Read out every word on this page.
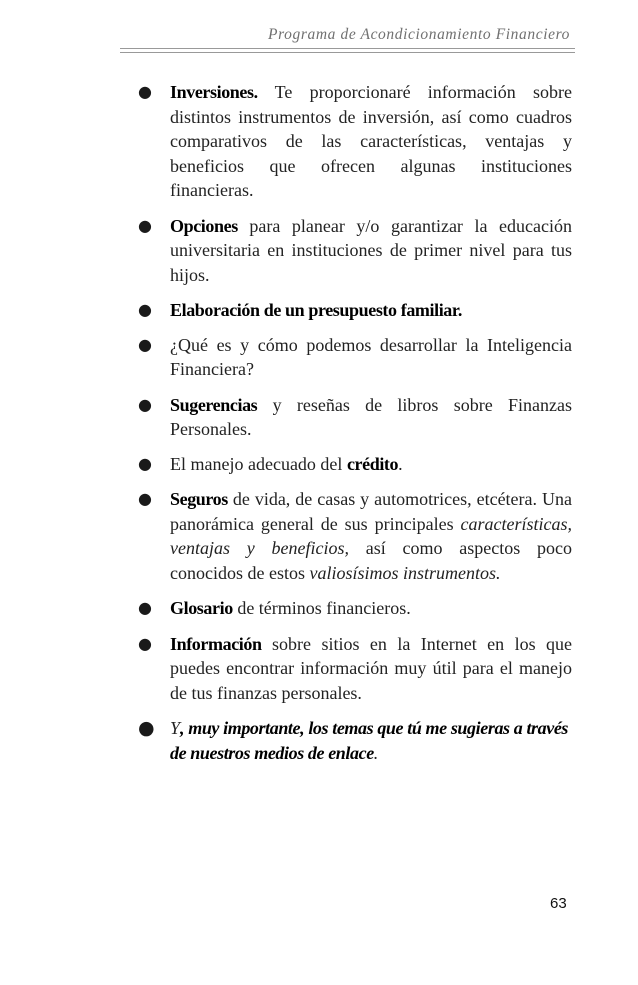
Programa de Acondicionamiento Financiero
● Inversiones. Te proporcionaré información sobre distintos instrumentos de inversión, así como cuadros comparativos de las características, ventajas y beneficios que ofrecen algunas instituciones financieras.
● Opciones para planear y/o garantizar la educación universitaria en instituciones de primer nivel para tus hijos.
● Elaboración de un presupuesto familiar.
● ¿Qué es y cómo podemos desarrollar la Inteligencia Financiera?
● Sugerencias y reseñas de libros sobre Finanzas Personales.
● El manejo adecuado del crédito.
● Seguros de vida, de casas y automotrices, etcétera. Una panorámica general de sus principales características, ventajas y beneficios, así como aspectos poco conocidos de estos valiosísimos instrumentos.
● Glosario de términos financieros.
● Información sobre sitios en la Internet en los que puedes encontrar información muy útil para el manejo de tus finanzas personales.
● Y, muy importante, los temas que tú me sugieras a través de nuestros medios de enlace.
63
